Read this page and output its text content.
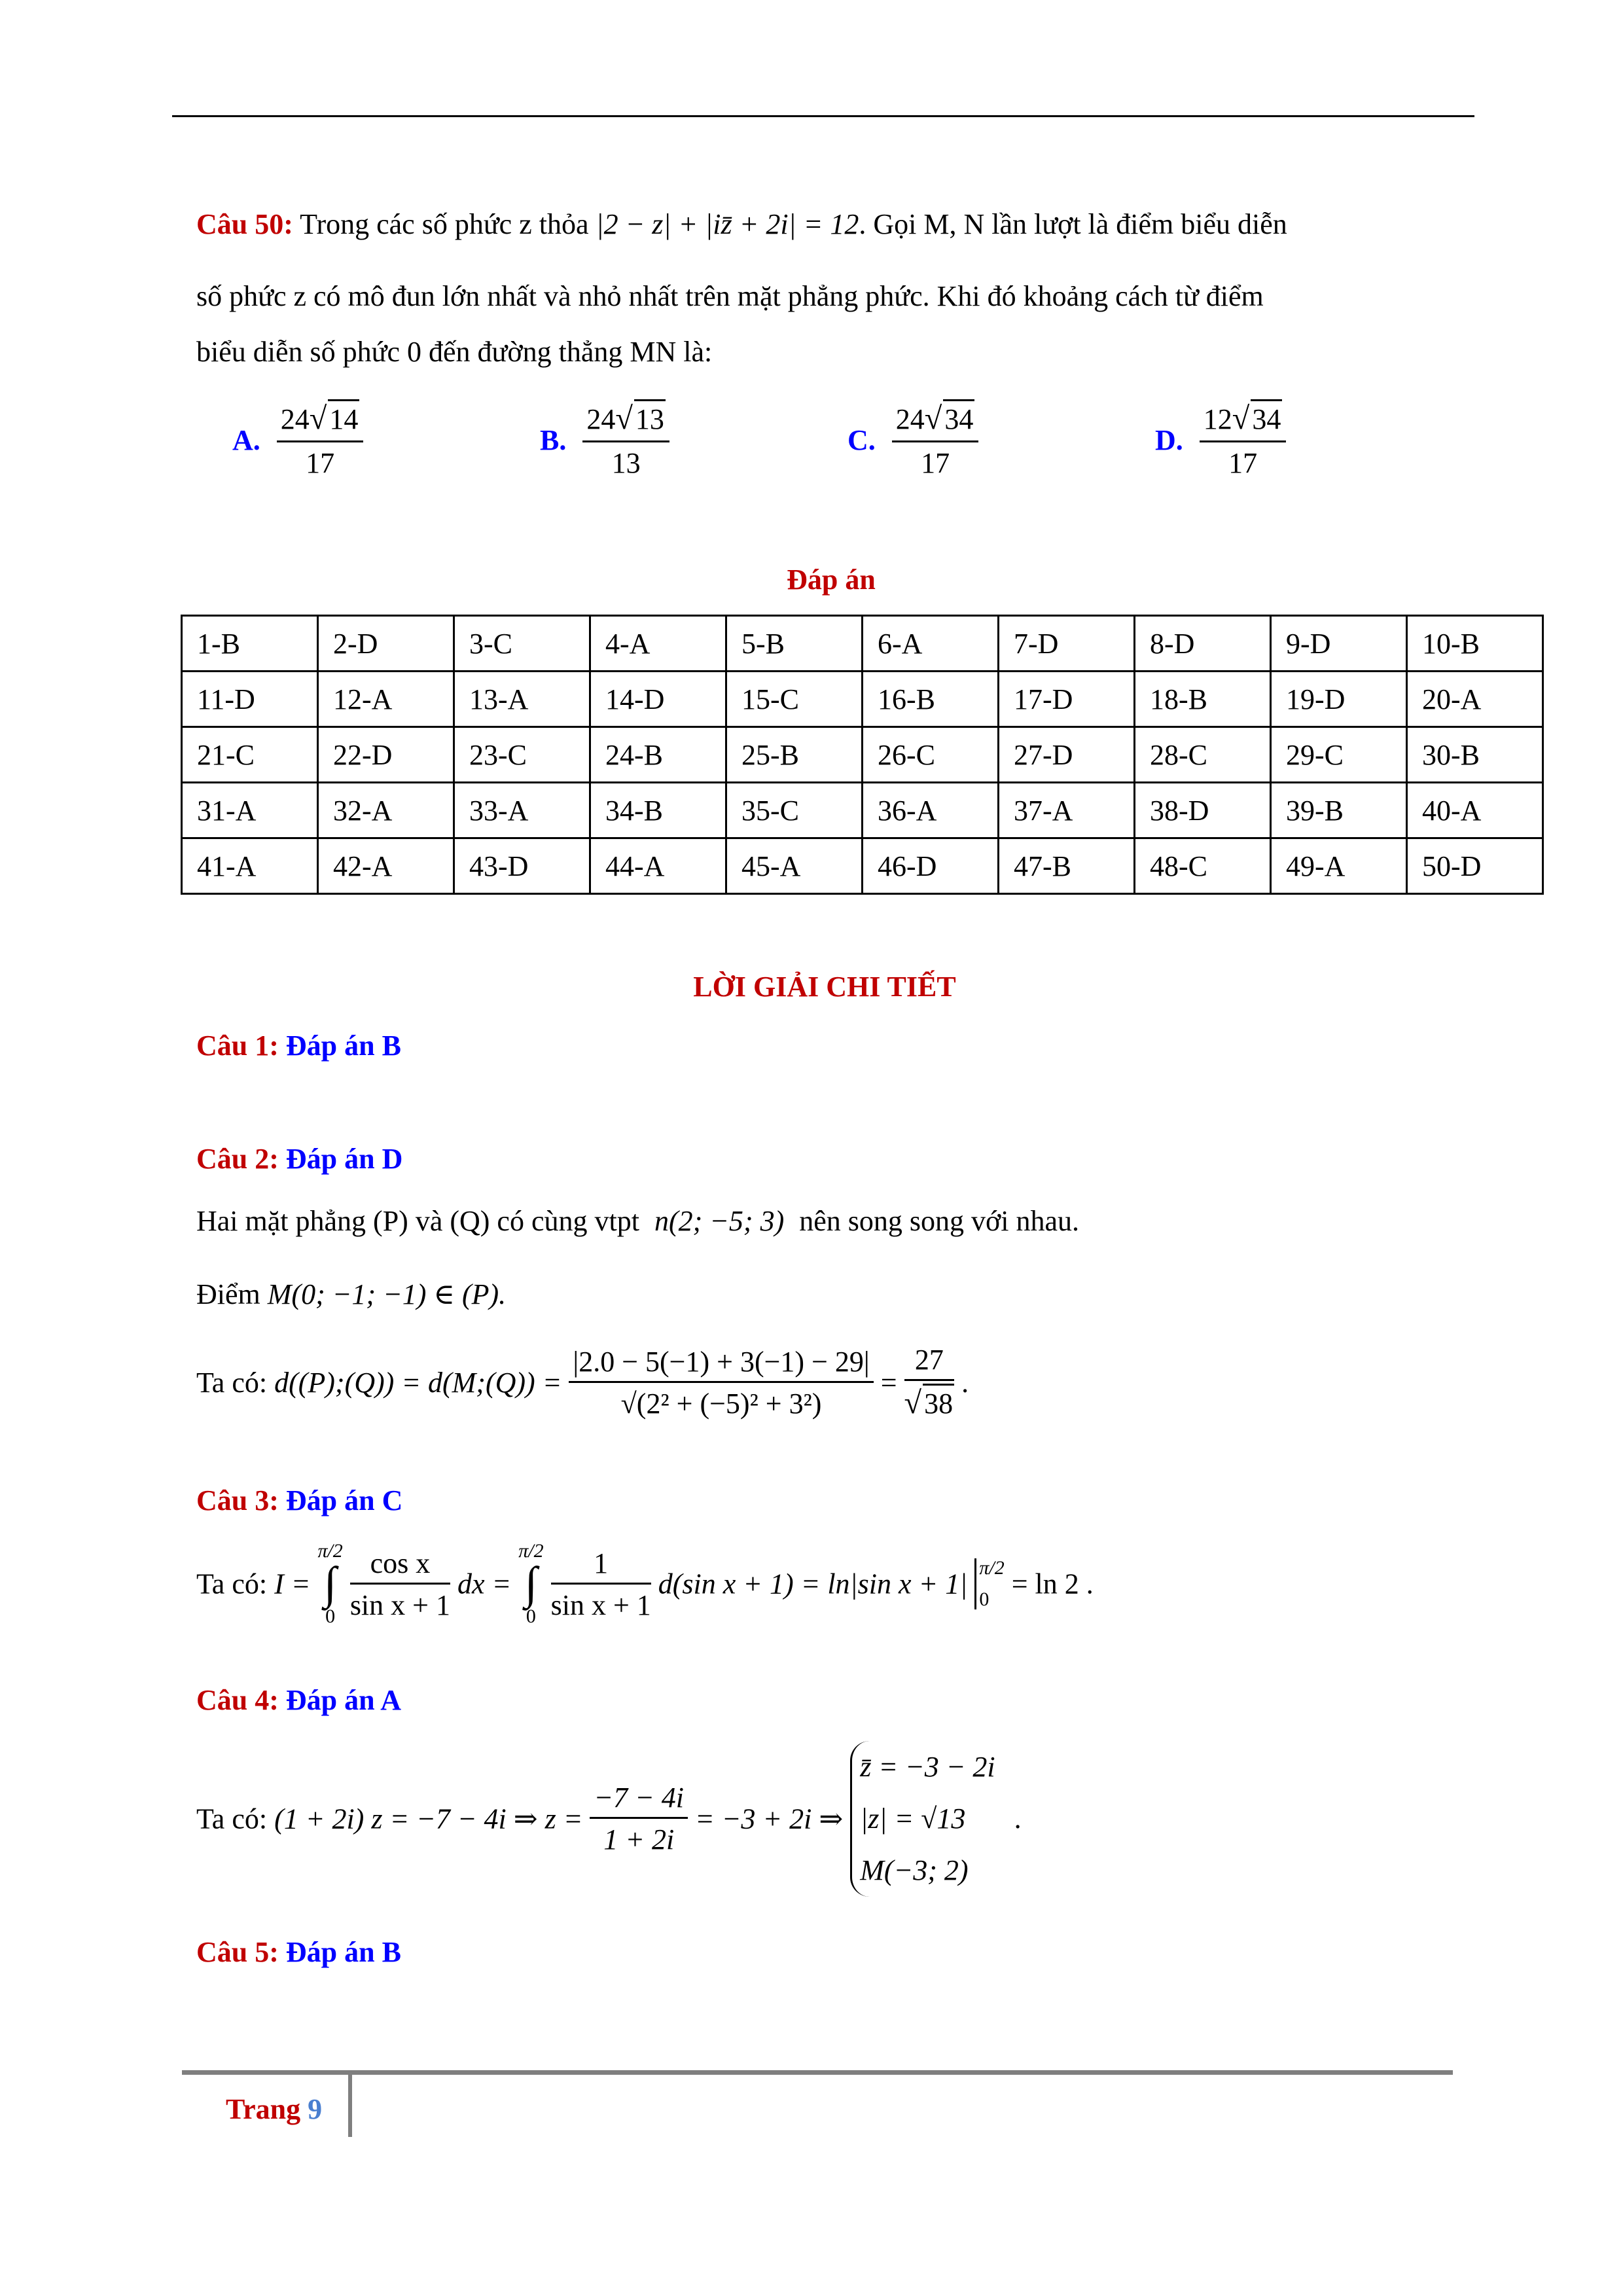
Câu 50: Trong các số phức z thỏa |2 − z| + |iz̄ + 2i| = 12. Gọi M, N lần lượt là điểm biểu diễn
số phức z có mô đun lớn nhất và nhỏ nhất trên mặt phẳng phức. Khi đó khoảng cách từ điểm
biểu diễn số phức 0 đến đường thẳng MN là:
A. $\frac{24√14}{17}$	B. $\frac{24√13}{13}$	C. $\frac{24√34}{17}$	D. $\frac{12√34}{17}$
Đáp án
1-B	2-D	3-C	4-A	5-B	6-A	7-D	8-D	9-D	10-B
11-D	12-A	13-A	14-D	15-C	16-B	17-D	18-B	19-D	20-A
21-C	22-D	23-C	24-B	25-B	26-C	27-D	28-C	29-C	30-B
31-A	32-A	33-A	34-B	35-C	36-A	37-A	38-D	39-B	40-A
41-A	42-A	43-D	44-A	45-A	46-D	47-B	48-C	49-A	50-D
LỜI GIẢI CHI TIẾT
Câu 1: Đáp án B
Câu 2: Đáp án D
Hai mặt phẳng (P) và (Q) có cùng vtpt n(2; −5; 3) nên song song với nhau.
Điểm M(0; −1; −1) ∈ (P).
Ta có: d((P);(Q)) = d(M;(Q)) = $\frac{|2.0 - 5(-1) + 3(-1) - 29|}{\text{√(2² + (−5)² + 3²)}} = \frac{27}{√38}$ .
Câu 3: Đáp án C
Ta có: I =
π/2
∫
0
$\frac{\text{cos x}}{\text{sin x + 1}}$ dx =
π/2
∫
0
$\frac{1}{\text{sin x + 1}} d(\sin$ x + 1) = ln|sin x + 1| π/2
0 = ln 2 .
Câu 4: Đáp án A
Ta có: (1 + 2i) z = −7 − 4i ⇒ $z = \frac{-7 - 4i}{1 + 2i} = -3 + 2i$ ⇒
z̄ = −3 − 2i
|z| = √13
M(−3; 2)
.
Câu 5: Đáp án B
Trang 9
